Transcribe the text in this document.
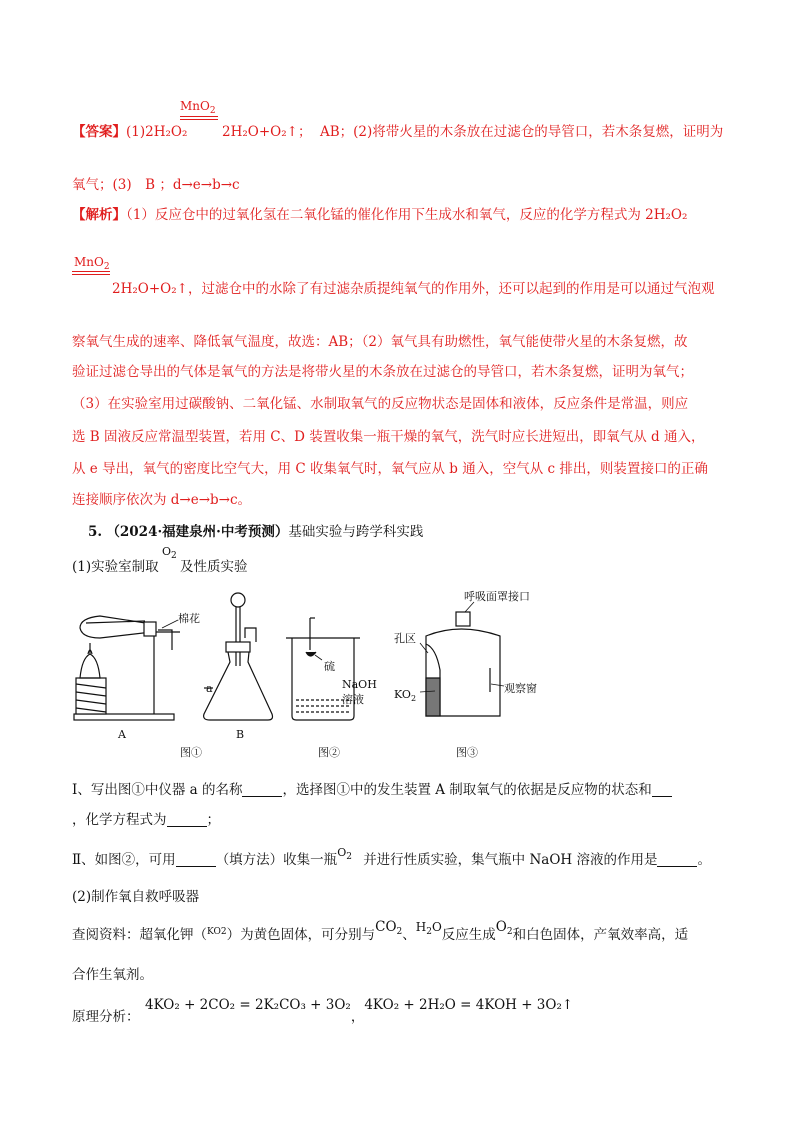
MnO$_2$
【答案】(1)2H₂O₂	2H₂O+O₂↑； AB；(2)将带火星的木条放在过滤仓的导管口，若木条复燃，证明为
氧气；(3)　B ；d→e→b→c
【解析】（1）反应仓中的过氧化氢在二氧化锰的催化作用下生成水和氧气，反应的化学方程式为 2H₂O₂
MnO$_2$
2H₂O+O₂↑，过滤仓中的水除了有过滤杂质提纯氧气的作用外，还可以起到的作用是可以通过气泡观
察氧气生成的速率、降低氧气温度，故选：AB；（2）氧气具有助燃性，氧气能使带火星的木条复燃，故
验证过滤仓导出的气体是氧气的方法是将带火星的木条放在过滤仓的导管口，若木条复燃，证明为氧气；
（3）在实验室用过碳酸钠、二氧化锰、水制取氧气的反应物状态是固体和液体，反应条件是常温，则应
选 B 固液反应常温型装置，若用 C、D 装置收集一瓶干燥的氧气，洗气时应长进短出，即氧气从 d 通入，
从 e 导出，氧气的密度比空气大，用 C 收集氧气时，氧气应从 b 通入，空气从 c 排出，则装置接口的正确
连接顺序依次为 d→e→b→c。
5. （2024·福建泉州·中考预测）基础实验与跨学科实践
(1)实验室制取
$O_2$
及性质实验
棉花
a
A	B
硫
NaOH
溶液
呼吸面罩接口
孔区
$KO_2$
观察窗
图①	图②	图③
Ⅰ、写出图①中仪器 a 的名称	，选择图①中的发生装置 A 制取氧气的依据是反应物的状态和
，化学方程式为	；
Ⅱ、如图②，可用	（填方法）收集一瓶$O_2$ 并进行性质实验，集气瓶中 NaOH 溶液的作用是	。
(2)制作氧自救呼吸器
查阅资料：超氧化钾（$^{KO2}$）为黄色固体，可分别与$CO_2$、$H_2O$反应生成$O_2$和白色固体，产氧效率高，适
合作生氧剂。
原理分析：
4KO₂ + 2CO₂ = 2K₂CO₃ + 3O₂，4KO₂ + 2H₂O = 4KOH + 3O₂↑
